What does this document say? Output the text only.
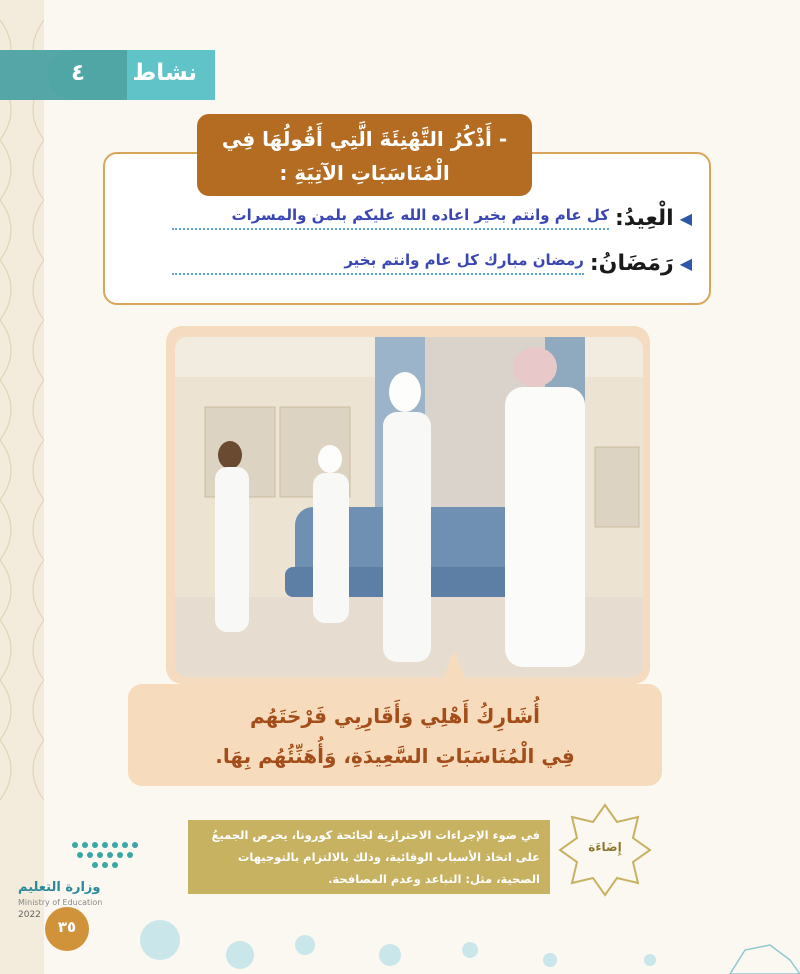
٤ نشاط
- أَذْكُرُ التَّهْنِئَةَ الَّتِي أَقُولُهَا فِي
الْمُنَاسَبَاتِ الآتِيَةِ :
◀
الْعِيدُ:
كل عام وانتم بخير اعاده الله عليكم بلمن والمسرات
◀
رَمَضَانُ:
رمضان مبارك كل عام وانتم بخير
أُشَارِكُ أَهْلِي وَأَقَارِبِي فَرْحَتَهُم
فِي الْمُنَاسَبَاتِ السَّعِيدَةِ، وَأُهَنِّئُهُم بِهَا.
في ضوء الإجراءات الاحترازية لجائحة كورونا، يحرص الجميعُ على اتخاذ الأسباب الوقائية، وذلك بالالتزام بالتوجيهات الصحية، مثل: التباعد وعدم المصافحة.
إِضَاءَة
وزارة التعليم
Ministry of Education
2022
٣٥
